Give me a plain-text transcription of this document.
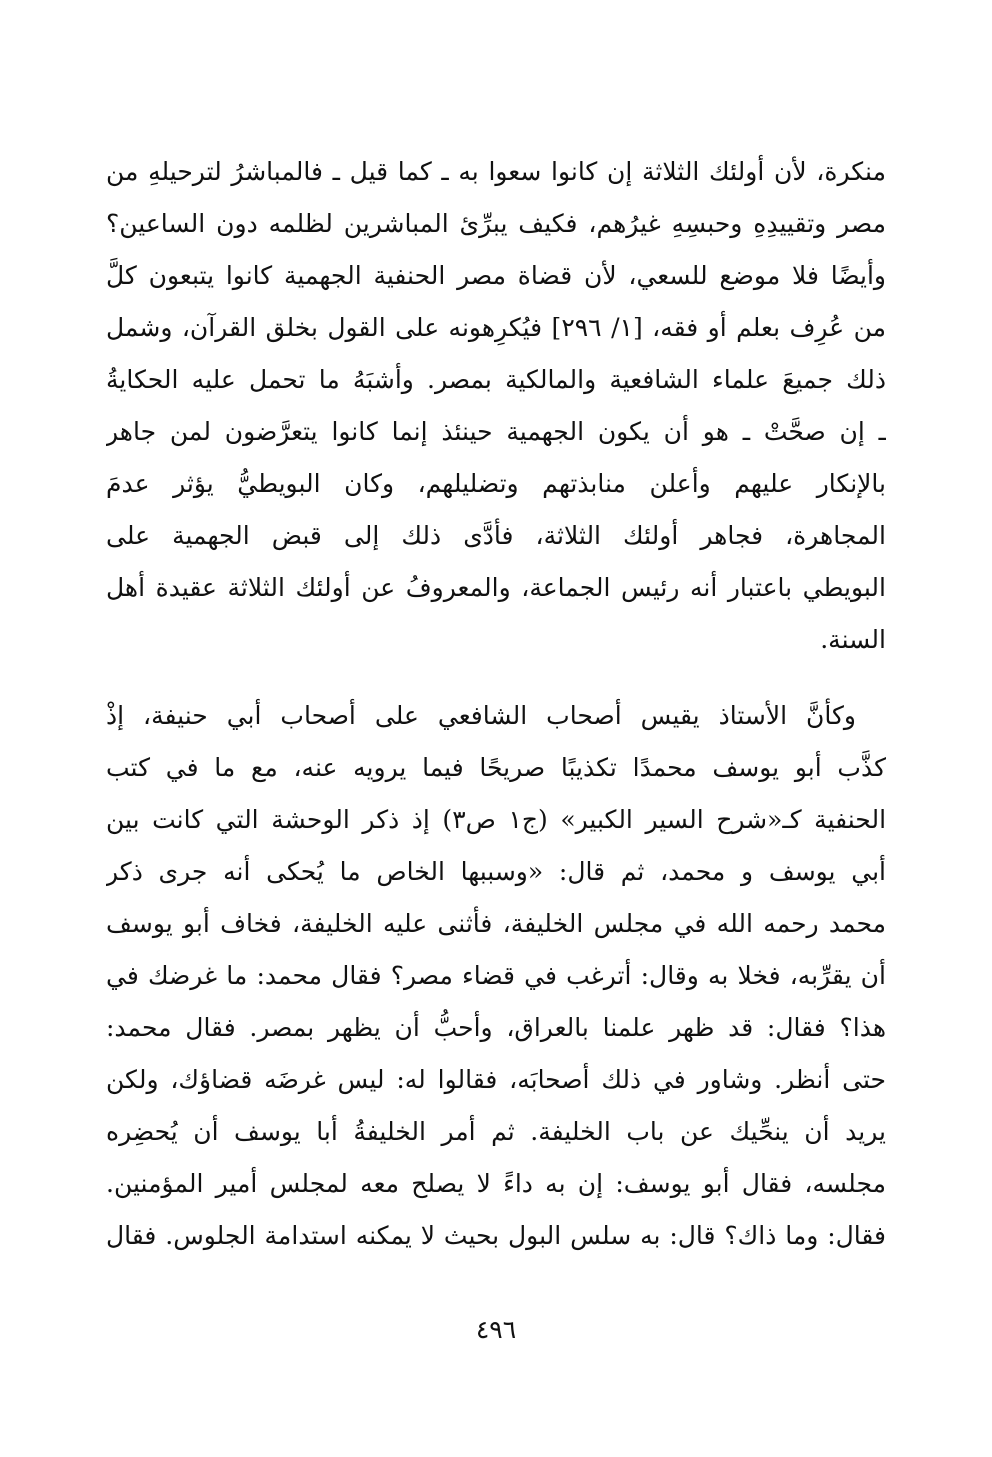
منكرة، لأن أولئك الثلاثة إن كانوا سعوا به ـ كما قيل ـ فالمباشرُ لترحيلهِ من
مصر وتقييدِهِ وحبسِهِ غيرُهم، فكيف يبرِّئ المباشرين لظلمه دون الساعين؟
وأيضًا فلا موضع للسعي، لأن قضاة مصر الحنفية الجهمية كانوا يتبعون كلَّ
من عُرِف بعلم أو فقه، [١/ ٢٩٦] فيُكرِهونه على القول بخلق القرآن، وشمل
ذلك جميعَ علماء الشافعية والمالكية بمصر. وأشبَهُ ما تحمل عليه الحكايةُ
ـ إن صحَّتْ ـ هو أن يكون الجهمية حينئذ إنما كانوا يتعرَّضون لمن جاهر
بالإنكار عليهم وأعلن منابذتهم وتضليلهم، وكان البويطيُّ يؤثر عدمَ
المجاهرة، فجاهر أولئك الثلاثة، فأدَّى ذلك إلى قبض الجهمية على
البويطي باعتبار أنه رئيس الجماعة، والمعروفُ عن أولئك الثلاثة عقيدة أهل
السنة.
وكأنَّ الأستاذ يقيس أصحاب الشافعي على أصحاب أبي حنيفة، إذْ
كذَّب أبو يوسف محمدًا تكذيبًا صريحًا فيما يرويه عنه، مع ما في كتب
الحنفية كـ«شرح السير الكبير» (ج١ ص٣) إذ ذكر الوحشة التي كانت بين
أبي يوسف و محمد، ثم قال: «وسببها الخاص ما يُحكى أنه جرى ذكر
محمد رحمه الله في مجلس الخليفة، فأثنى عليه الخليفة، فخاف أبو يوسف
أن يقرِّبه، فخلا به وقال: أترغب في قضاء مصر؟ فقال محمد: ما غرضك في
هذا؟ فقال: قد ظهر علمنا بالعراق، وأحبُّ أن يظهر بمصر. فقال محمد:
حتى أنظر. وشاور في ذلك أصحابَه، فقالوا له: ليس غرضَه قضاؤك، ولكن
يريد أن ينحِّيك عن باب الخليفة. ثم أمر الخليفةُ أبا يوسف أن يُحضِره
مجلسه، فقال أبو يوسف: إن به داءً لا يصلح معه لمجلس أمير المؤمنين.
فقال: وما ذاك؟ قال: به سلس البول بحيث لا يمكنه استدامة الجلوس. فقال
٤٩٦
